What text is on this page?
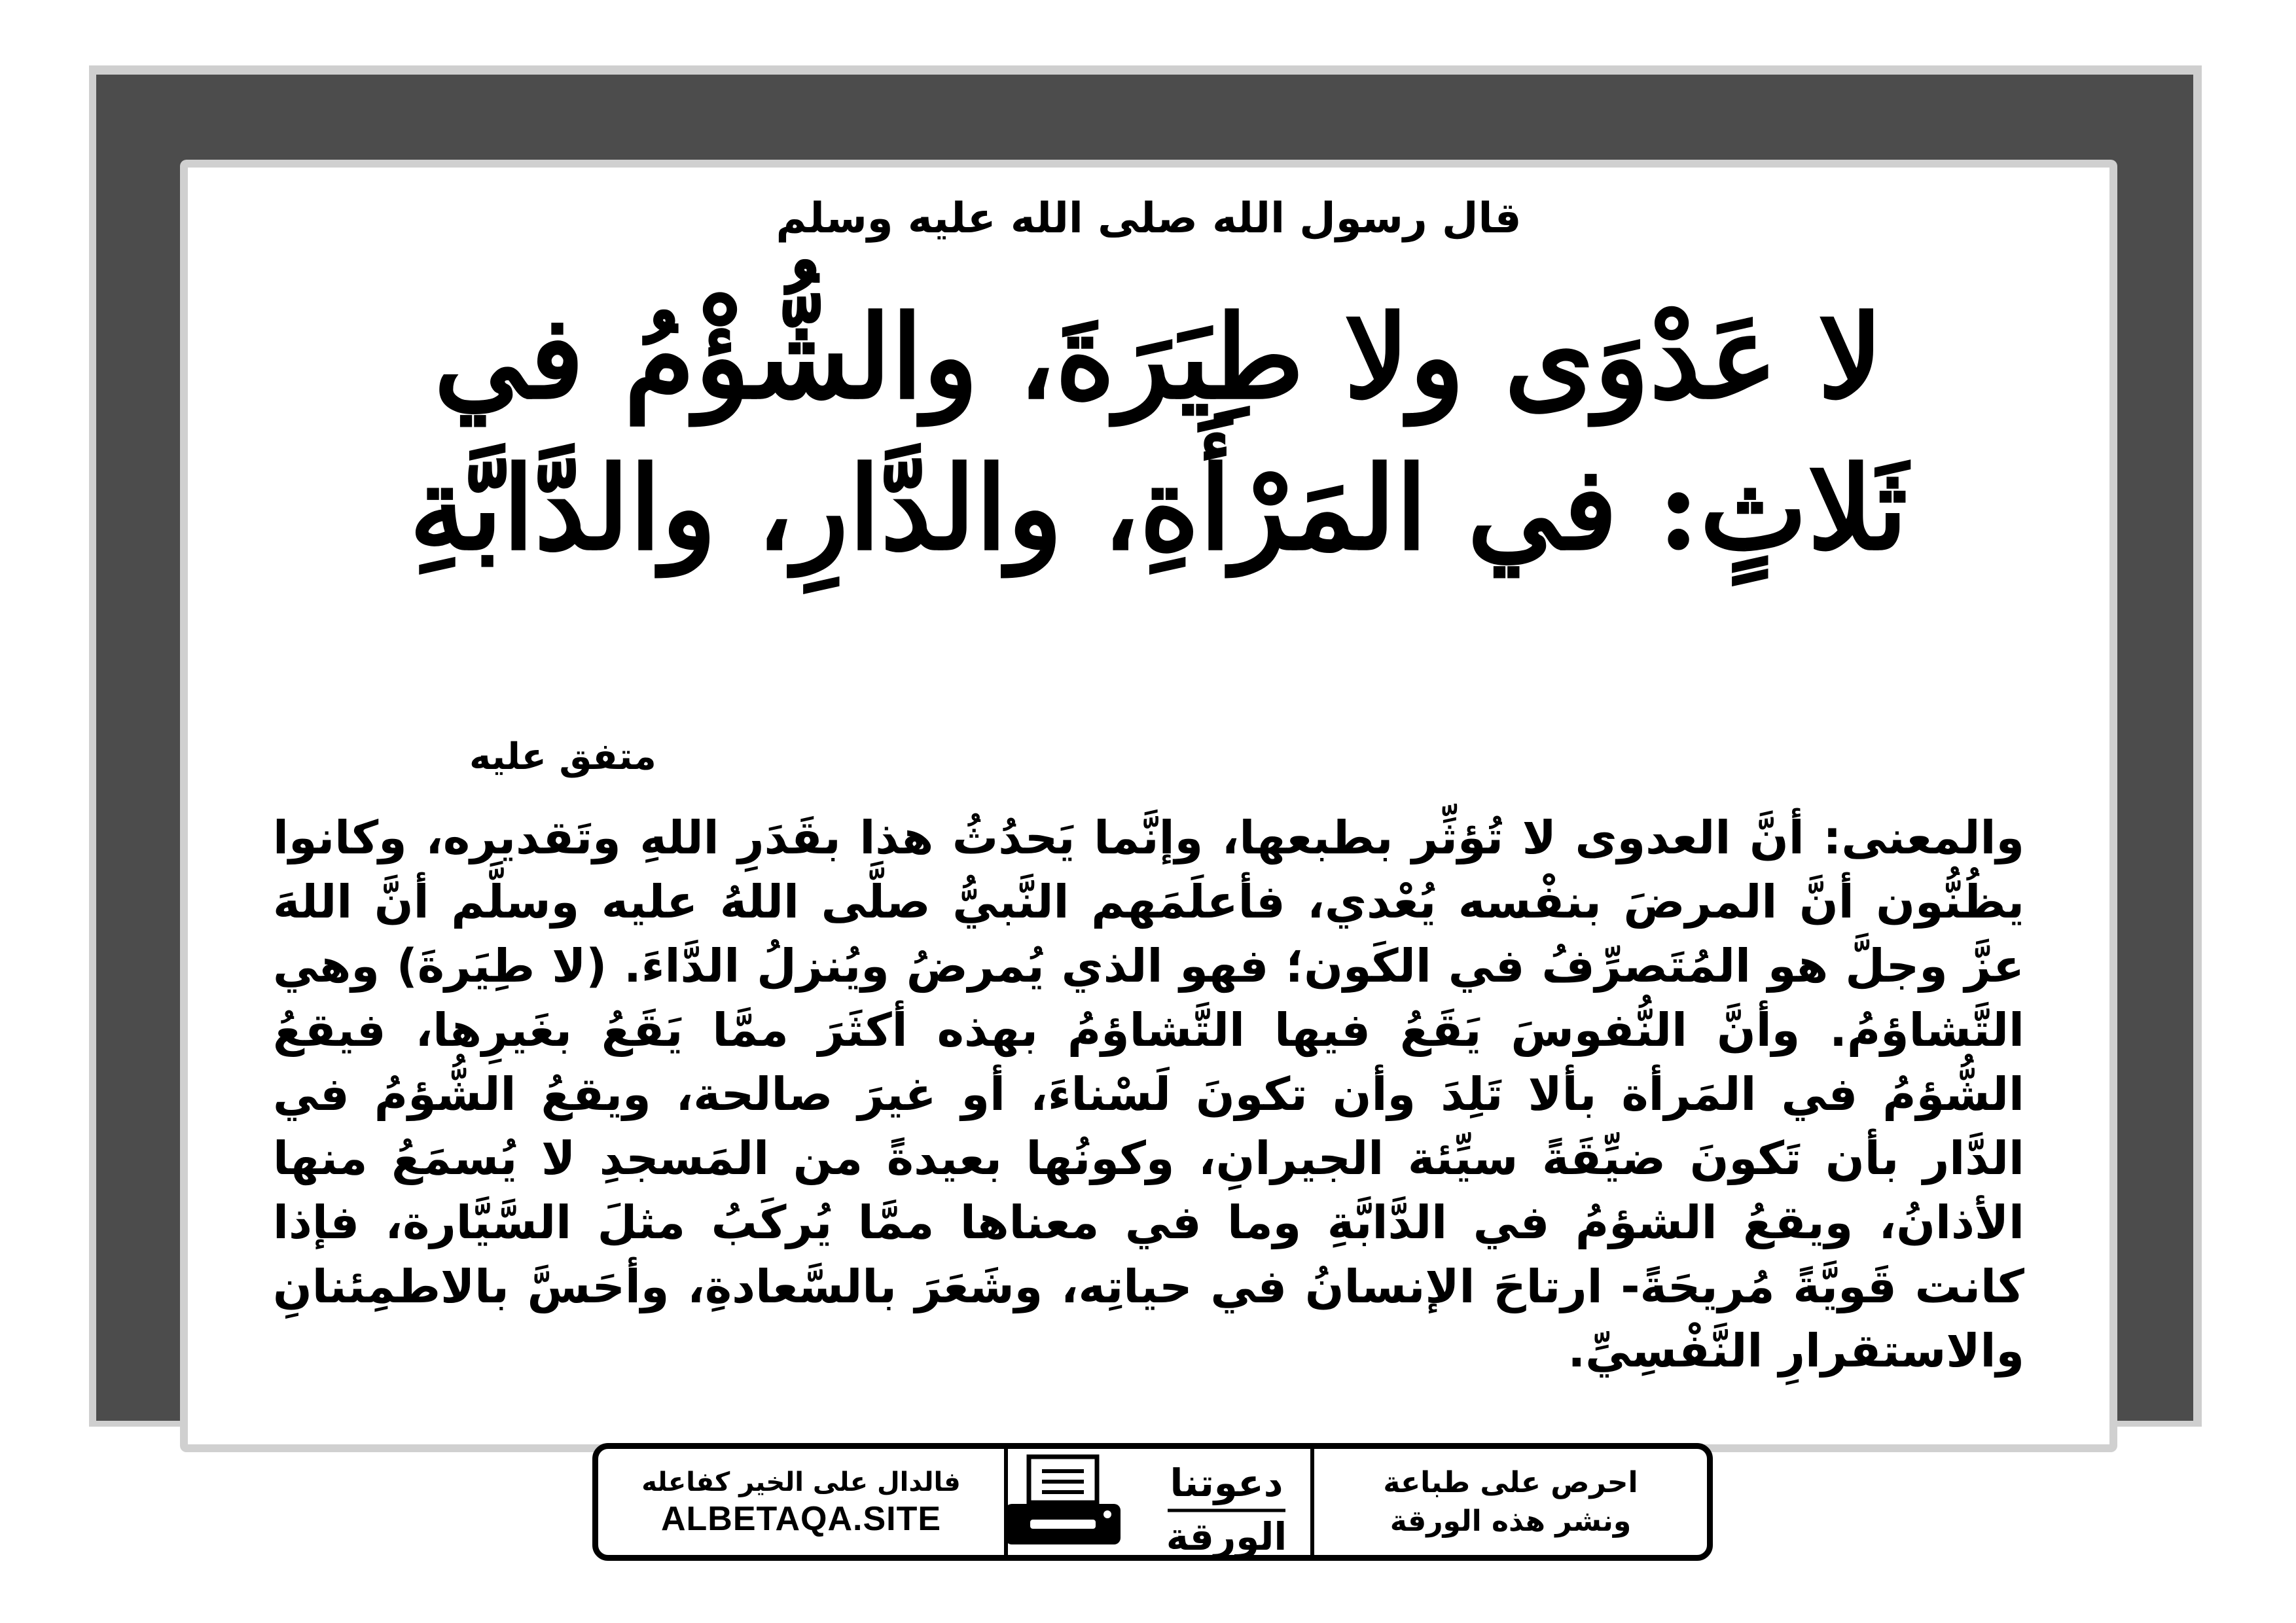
قال رسول الله صلى الله عليه وسلم
لا عَدْوَى ولا طِيَرَةَ، والشُّؤْمُ في
ثَلاثٍ: في المَرْأَةِ، والدَّارِ، والدَّابَّةِ
متفق عليه
والمعنى: أنَّ العدوى لا تُؤثِّر بطبعها، وإنَّما يَحدُثُ هذا بقَدَرِ اللهِ وتَقديره، وكانوا يظُنُّون أنَّ المرضَ بنفْسه يُعْدي، فأعلَمَهم النَّبيُّ صلَّى اللهُ عليه وسلَّم أنَّ اللهَ عزَّ وجلَّ هو المُتَصرِّفُ في الكَون؛ فهو الذي يُمرضُ ويُنزلُ الدَّاءَ. (لا طِيَرةَ) وهي التَّشاؤمُ. وأنَّ النُّفوسَ يَقَعُ فيها التَّشاؤمُ بهذه أكثَرَ ممَّا يَقَعُ بغَيرِها، فيقعُ الشُّؤمُ في المَرأة بألا تَلِدَ وأن تكونَ لَسْناءَ، أو غيرَ صالحة، ويقعُ الشُّؤمُ في الدَّار بأن تَكونَ ضيِّقَةً سيِّئة الجيرانِ، وكونُها بعيدةً من المَسجدِ لا يُسمَعُ منها الأذانُ، ويقعُ الشؤمُ في الدَّابَّةِ وما في معناها ممَّا يُركَبُ مثلَ السَّيَّارة، فإذا كانت قَويَّةً مُريحَةً- ارتاحَ الإنسانُ في حياتِه، وشَعَرَ بالسَّعادةِ، وأحَسَّ بالاطمِئنانِ والاستقرارِ النَّفْسِيِّ.
احرص على طباعة
ونشر هذه الورقة
دعوتنا
الورقة
فالدال على الخير كفاعله
ALBETAQA.SITE
